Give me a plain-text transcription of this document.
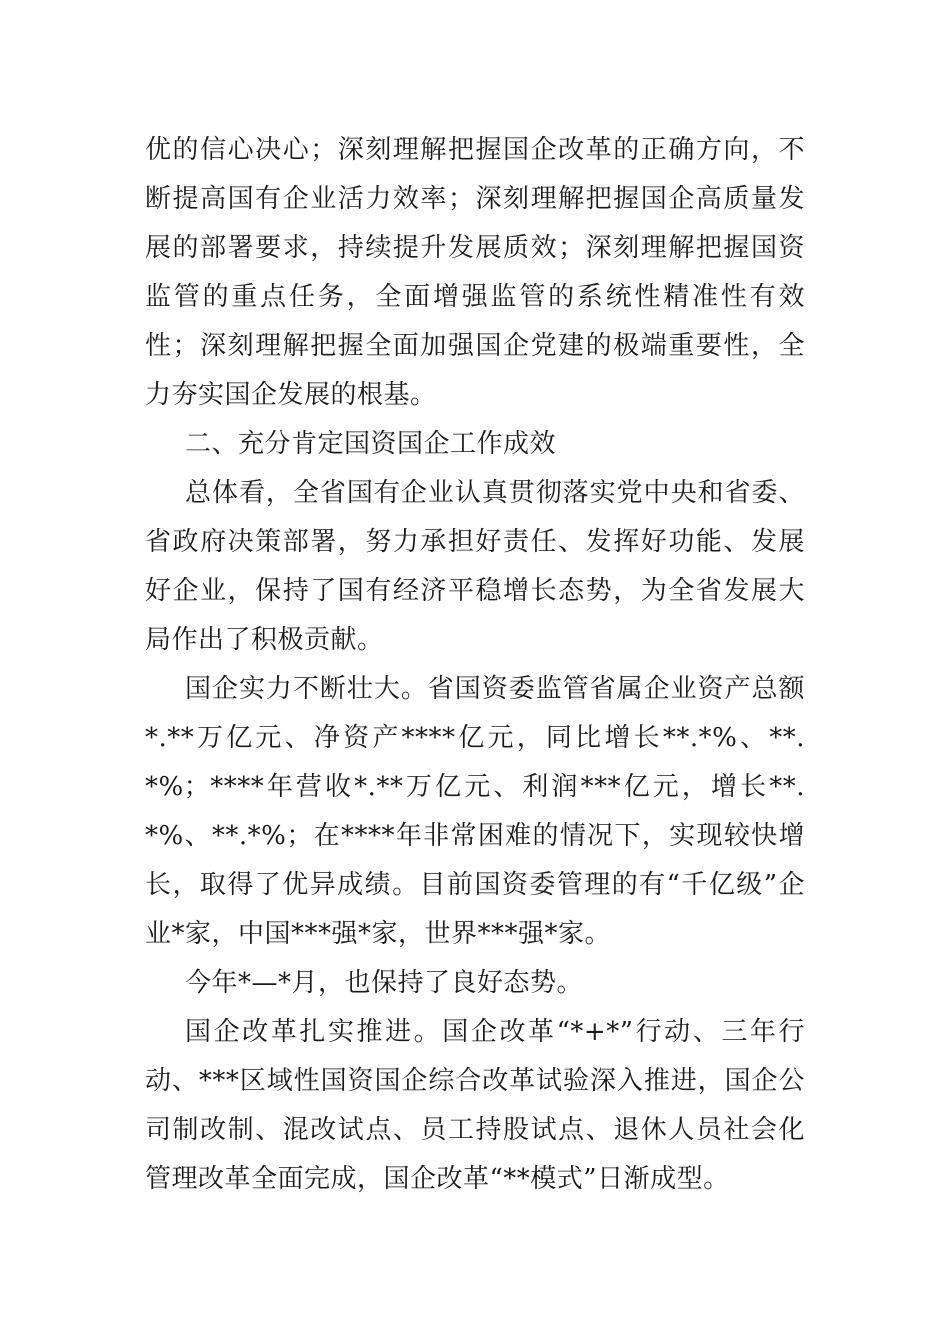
优的信心决心；深刻理解把握国企改革的正确方向，不断提高国有企业活力效率；深刻理解把握国企高质量发展的部署要求，持续提升发展质效；深刻理解把握国资监管的重点任务，全面增强监管的系统性精准性有效性；深刻理解把握全面加强国企党建的极端重要性，全力夯实国企发展的根基。

二、充分肯定国资国企工作成效

总体看，全省国有企业认真贯彻落实党中央和省委、省政府决策部署，努力承担好责任、发挥好功能、发展好企业，保持了国有经济平稳增长态势，为全省发展大局作出了积极贡献。

国企实力不断壮大。省国资委监管省属企业资产总额*.**万亿元、净资产****亿元，同比增长**.*%、**.*%；****年营收*.**万亿元、利润***亿元，增长**.*%、**.*%；在****年非常困难的情况下，实现较快增长，取得了优异成绩。目前国资委管理的有“千亿级”企业*家，中国***强*家，世界***强*家。

今年*—*月，也保持了良好态势。

国企改革扎实推进。国企改革“*+*”行动、三年行动、***区域性国资国企综合改革试验深入推进，国企公司制改制、混改试点、员工持股试点、退休人员社会化管理改革全面完成，国企改革“**模式”日渐成型。
